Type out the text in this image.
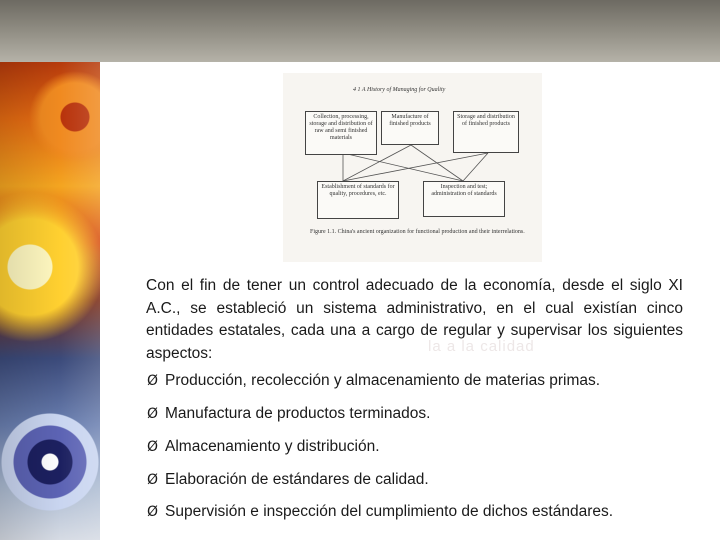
4 1 A History of Managing for Quality
Collection, processing, storage and distribution of raw and semi finished materials
Manufacture of finished products
Storage and distribution of finished products
Establishment of standards for quality, procedures, etc.
Inspection and test; administration of standards
Figure 1.1. China's ancient organization for functional production and their interrelations.
la a la calidad
Con el fin de tener un control adecuado de la economía, desde el siglo XI A.C., se estableció un sistema administrativo, en el cual existían cinco entidades estatales, cada una a cargo de regular y supervisar los siguientes aspectos:
Ø Producción, recolección y almacenamiento de materias primas.
Ø Manufactura de productos terminados.
Ø Almacenamiento y distribución.
Ø Elaboración de estándares de calidad.
Ø Supervisión e inspección del cumplimiento de dichos estándares.
